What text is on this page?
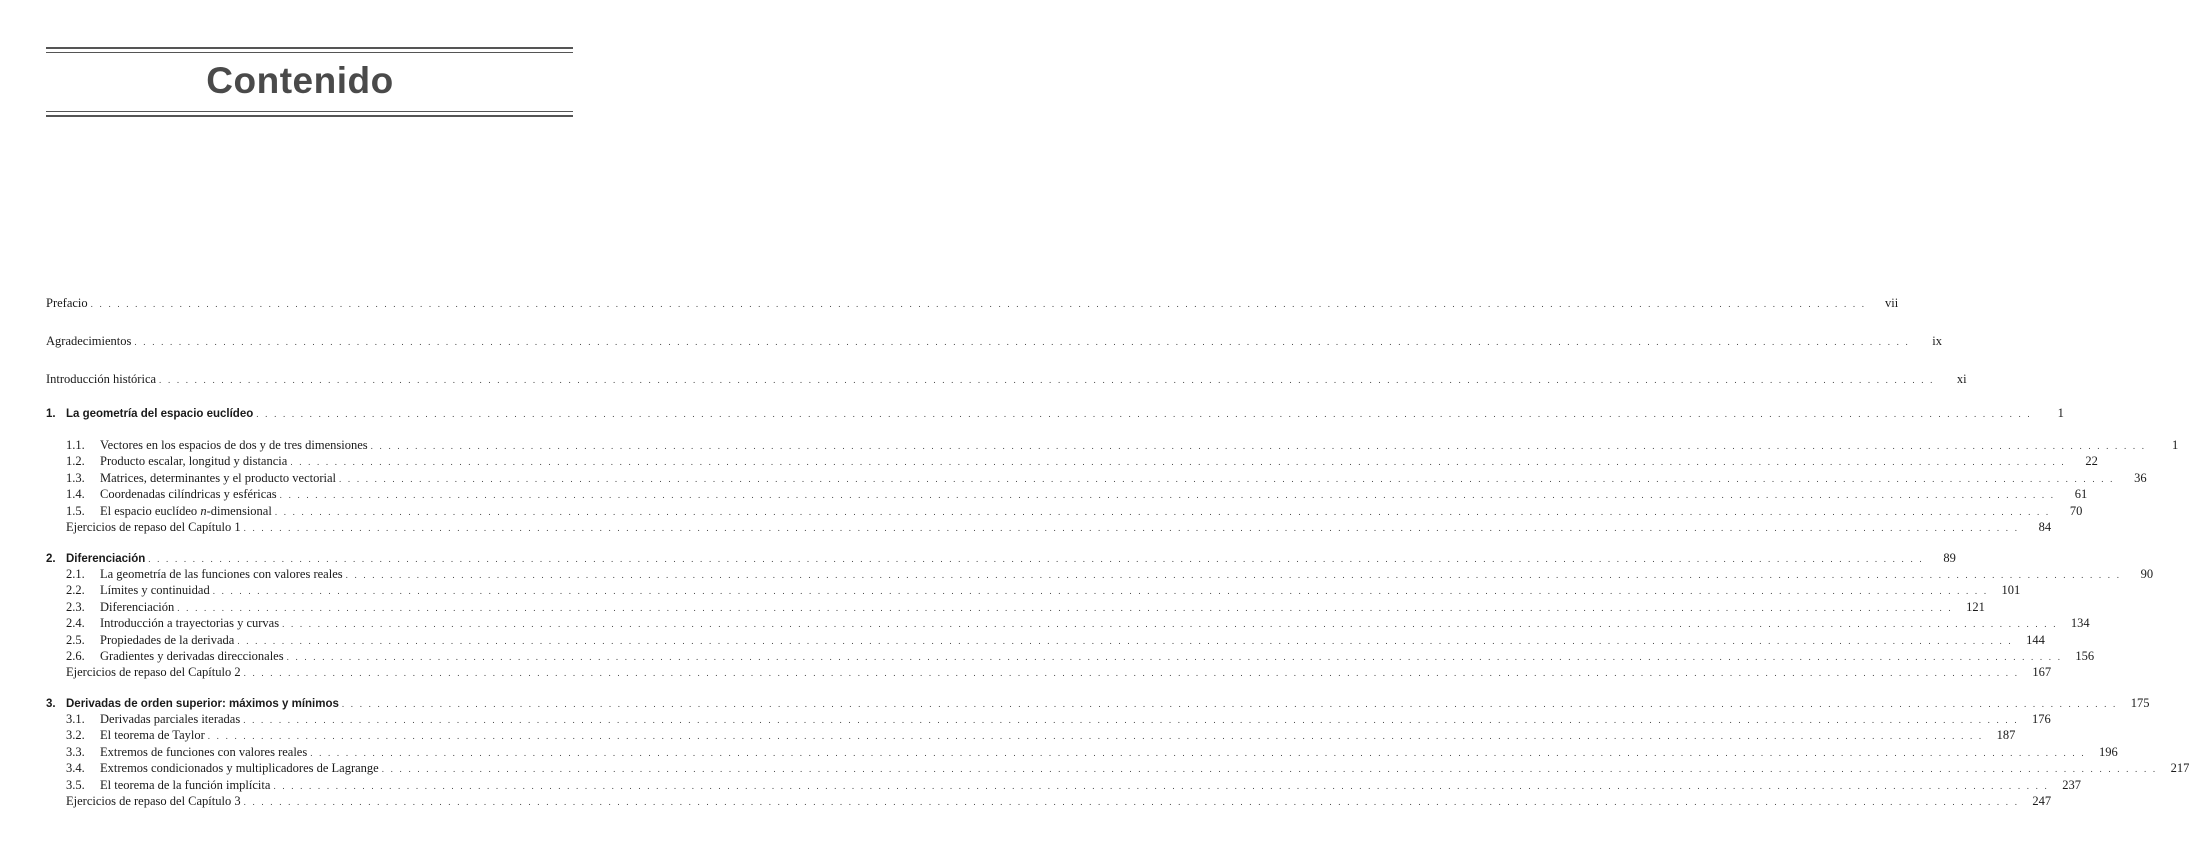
Contenido
Prefacio . . . . . . . . . . . . . . . . . . . . . . . . . . . . . . . . . . . . . . . . . . . . . . . . . . . . . . . . . . . . . . . . . . . . . . . . . . . . . . . . . . . . . . . . . . . . . . . . . . . . . . . . . . . . . . . . . . . . . . . . . . . . . . . . . . . . . . . . . . . . . . . . . . . . . . . . . . . . . . . . . . . . . . . . . . . . . . . . . . . . . . . . . . . . . . . . . . . . . . . .	vii
Agradecimientos . . . . . . . . . . . . . . . . . . . . . . . . . . . . . . . . . . . . . . . . . . . . . . . . . . . . . . . . . . . . . . . . . . . . . . . . . . . . . . . . . . . . . . . . . . . . . . . . . . . . . . . . . . . . . . . . . . . . . . . . . . . . . . . . . . . . . . . . . . . . . . . . . . . . . . . . . . . . . . . . . . . . . . . . . . . . . . . . . . . . . . . . . . . . . . . . . . . . . . . .	ix
Introducción histórica . . . . . . . . . . . . . . . . . . . . . . . . . . . . . . . . . . . . . . . . . . . . . . . . . . . . . . . . . . . . . . . . . . . . . . . . . . . . . . . . . . . . . . . . . . . . . . . . . . . . . . . . . . . . . . . . . . . . . . . . . . . . . . . . . . . . . . . . . . . . . . . . . . . . . . . . . . . . . . . . . . . . . . . . . . . . . . . . . . . . . . . . . . . . . . . . . . . . . . . .	xi
1. La geometría del espacio euclídeo . . . . . . . . . . . . . . . . . . . . . . . . . . . . . . . . . . . . . . . . . . . . . . . . . . . . . . . . . . . . . . . . . . . . . . . . . . . . . . . . . . . . . . . . . . . . . . . . . . . . . . . . . . . . . . . . . . . . . . . . . . . . . . . . . . . . . . . . . . . . . . . . . . . . . . . . . . . . . . . . . . . . . . . . . . . . . . . . . . . . . . . . . . . . . . . . . . . . . . . .	1
1.1. Vectores en los espacios de dos y de tres dimensiones . . . . . . . . . . . . . . . . . . . . . . . . . . . . . . . . . . . . . . . . . . . . . . . . . . . . . . . . . . . . . . . . . . . . . . . . . . . . . . . . . . . . . . . . . . . . . . . . . . . . . . . . . . . . . . . . . . . . . . . . . . . . . . . . . . . . . . . . . . . . . . . . . . . . . . . . . . . . . . . . . . . . . . . . . . . . . . . . . . . . . . . . . . . . . . . . . . . . . . . .	1
1.2. Producto escalar, longitud y distancia . . . . . . . . . . . . . . . . . . . . . . . . . . . . . . . . . . . . . . . . . . . . . . . . . . . . . . . . . . . . . . . . . . . . . . . . . . . . . . . . . . . . . . . . . . . . . . . . . . . . . . . . . . . . . . . . . . . . . . . . . . . . . . . . . . . . . . . . . . . . . . . . . . . . . . . . . . . . . . . . . . . . . . . . . . . . . . . . . . . . . . . . . . . . . . . . . . . . . . . .	22
1.3. Matrices, determinantes y el producto vectorial . . . . . . . . . . . . . . . . . . . . . . . . . . . . . . . . . . . . . . . . . . . . . . . . . . . . . . . . . . . . . . . . . . . . . . . . . . . . . . . . . . . . . . . . . . . . . . . . . . . . . . . . . . . . . . . . . . . . . . . . . . . . . . . . . . . . . . . . . . . . . . . . . . . . . . . . . . . . . . . . . . . . . . . . . . . . . . . . . . . . . . . . . . . . . . . . . . . . . . . .	36
1.4. Coordenadas cilíndricas y esféricas . . . . . . . . . . . . . . . . . . . . . . . . . . . . . . . . . . . . . . . . . . . . . . . . . . . . . . . . . . . . . . . . . . . . . . . . . . . . . . . . . . . . . . . . . . . . . . . . . . . . . . . . . . . . . . . . . . . . . . . . . . . . . . . . . . . . . . . . . . . . . . . . . . . . . . . . . . . . . . . . . . . . . . . . . . . . . . . . . . . . . . . . . . . . . . . . . . . . . . . .	61
1.5. El espacio euclídeo n-dimensional . . . . . . . . . . . . . . . . . . . . . . . . . . . . . . . . . . . . . . . . . . . . . . . . . . . . . . . . . . . . . . . . . . . . . . . . . . . . . . . . . . . . . . . . . . . . . . . . . . . . . . . . . . . . . . . . . . . . . . . . . . . . . . . . . . . . . . . . . . . . . . . . . . . . . . . . . . . . . . . . . . . . . . . . . . . . . . . . . . . . . . . . . . . . . . . . . . . . . . . .	70
Ejercicios de repaso del Capítulo 1 . . . . . . . . . . . . . . . . . . . . . . . . . . . . . . . . . . . . . . . . . . . . . . . . . . . . . . . . . . . . . . . . . . . . . . . . . . . . . . . . . . . . . . . . . . . . . . . . . . . . . . . . . . . . . . . . . . . . . . . . . . . . . . . . . . . . . . . . . . . . . . . . . . . . . . . . . . . . . . . . . . . . . . . . . . . . . . . . . . . . . . . . . . . . . . . . . . . . . . . .	84
2. Diferenciación . . . . . . . . . . . . . . . . . . . . . . . . . . . . . . . . . . . . . . . . . . . . . . . . . . . . . . . . . . . . . . . . . . . . . . . . . . . . . . . . . . . . . . . . . . . . . . . . . . . . . . . . . . . . . . . . . . . . . . . . . . . . . . . . . . . . . . . . . . . . . . . . . . . . . . . . . . . . . . . . . . . . . . . . . . . . . . . . . . . . . . . . . . . . . . . . . . . . . . . .	89
2.1. La geometría de las funciones con valores reales . . . . . . . . . . . . . . . . . . . . . . . . . . . . . . . . . . . . . . . . . . . . . . . . . . . . . . . . . . . . . . . . . . . . . . . . . . . . . . . . . . . . . . . . . . . . . . . . . . . . . . . . . . . . . . . . . . . . . . . . . . . . . . . . . . . . . . . . . . . . . . . . . . . . . . . . . . . . . . . . . . . . . . . . . . . . . . . . . . . . . . . . . . . . . . . . . . . . . . . .	90
2.2. Límites y continuidad . . . . . . . . . . . . . . . . . . . . . . . . . . . . . . . . . . . . . . . . . . . . . . . . . . . . . . . . . . . . . . . . . . . . . . . . . . . . . . . . . . . . . . . . . . . . . . . . . . . . . . . . . . . . . . . . . . . . . . . . . . . . . . . . . . . . . . . . . . . . . . . . . . . . . . . . . . . . . . . . . . . . . . . . . . . . . . . . . . . . . . . . . . . . . . . . . . . . . . . .	101
2.3. Diferenciación . . . . . . . . . . . . . . . . . . . . . . . . . . . . . . . . . . . . . . . . . . . . . . . . . . . . . . . . . . . . . . . . . . . . . . . . . . . . . . . . . . . . . . . . . . . . . . . . . . . . . . . . . . . . . . . . . . . . . . . . . . . . . . . . . . . . . . . . . . . . . . . . . . . . . . . . . . . . . . . . . . . . . . . . . . . . . . . . . . . . . . . . . . . . . . . . . . . . . . . .	121
2.4. Introducción a trayectorias y curvas . . . . . . . . . . . . . . . . . . . . . . . . . . . . . . . . . . . . . . . . . . . . . . . . . . . . . . . . . . . . . . . . . . . . . . . . . . . . . . . . . . . . . . . . . . . . . . . . . . . . . . . . . . . . . . . . . . . . . . . . . . . . . . . . . . . . . . . . . . . . . . . . . . . . . . . . . . . . . . . . . . . . . . . . . . . . . . . . . . . . . . . . . . . . . . . . . . . . . . . .	134
2.5. Propiedades de la derivada . . . . . . . . . . . . . . . . . . . . . . . . . . . . . . . . . . . . . . . . . . . . . . . . . . . . . . . . . . . . . . . . . . . . . . . . . . . . . . . . . . . . . . . . . . . . . . . . . . . . . . . . . . . . . . . . . . . . . . . . . . . . . . . . . . . . . . . . . . . . . . . . . . . . . . . . . . . . . . . . . . . . . . . . . . . . . . . . . . . . . . . . . . . . . . . . . . . . . . . .	144
2.6. Gradientes y derivadas direccionales . . . . . . . . . . . . . . . . . . . . . . . . . . . . . . . . . . . . . . . . . . . . . . . . . . . . . . . . . . . . . . . . . . . . . . . . . . . . . . . . . . . . . . . . . . . . . . . . . . . . . . . . . . . . . . . . . . . . . . . . . . . . . . . . . . . . . . . . . . . . . . . . . . . . . . . . . . . . . . . . . . . . . . . . . . . . . . . . . . . . . . . . . . . . . . . . . . . . . . . .	156
Ejercicios de repaso del Capítulo 2 . . . . . . . . . . . . . . . . . . . . . . . . . . . . . . . . . . . . . . . . . . . . . . . . . . . . . . . . . . . . . . . . . . . . . . . . . . . . . . . . . . . . . . . . . . . . . . . . . . . . . . . . . . . . . . . . . . . . . . . . . . . . . . . . . . . . . . . . . . . . . . . . . . . . . . . . . . . . . . . . . . . . . . . . . . . . . . . . . . . . . . . . . . . . . . . . . . . . . . . .	167
3. Derivadas de orden superior: máximos y mínimos . . . . . . . . . . . . . . . . . . . . . . . . . . . . . . . . . . . . . . . . . . . . . . . . . . . . . . . . . . . . . . . . . . . . . . . . . . . . . . . . . . . . . . . . . . . . . . . . . . . . . . . . . . . . . . . . . . . . . . . . . . . . . . . . . . . . . . . . . . . . . . . . . . . . . . . . . . . . . . . . . . . . . . . . . . . . . . . . . . . . . . . . . . . . . . . . . . . . . . . .	175
3.1. Derivadas parciales iteradas . . . . . . . . . . . . . . . . . . . . . . . . . . . . . . . . . . . . . . . . . . . . . . . . . . . . . . . . . . . . . . . . . . . . . . . . . . . . . . . . . . . . . . . . . . . . . . . . . . . . . . . . . . . . . . . . . . . . . . . . . . . . . . . . . . . . . . . . . . . . . . . . . . . . . . . . . . . . . . . . . . . . . . . . . . . . . . . . . . . . . . . . . . . . . . . . . . . . . . . .	176
3.2. El teorema de Taylor . . . . . . . . . . . . . . . . . . . . . . . . . . . . . . . . . . . . . . . . . . . . . . . . . . . . . . . . . . . . . . . . . . . . . . . . . . . . . . . . . . . . . . . . . . . . . . . . . . . . . . . . . . . . . . . . . . . . . . . . . . . . . . . . . . . . . . . . . . . . . . . . . . . . . . . . . . . . . . . . . . . . . . . . . . . . . . . . . . . . . . . . . . . . . . . . . . . . . . . .	187
3.3. Extremos de funciones con valores reales . . . . . . . . . . . . . . . . . . . . . . . . . . . . . . . . . . . . . . . . . . . . . . . . . . . . . . . . . . . . . . . . . . . . . . . . . . . . . . . . . . . . . . . . . . . . . . . . . . . . . . . . . . . . . . . . . . . . . . . . . . . . . . . . . . . . . . . . . . . . . . . . . . . . . . . . . . . . . . . . . . . . . . . . . . . . . . . . . . . . . . . . . . . . . . . . . . . . . . . .	196
3.4. Extremos condicionados y multiplicadores de Lagrange . . . . . . . . . . . . . . . . . . . . . . . . . . . . . . . . . . . . . . . . . . . . . . . . . . . . . . . . . . . . . . . . . . . . . . . . . . . . . . . . . . . . . . . . . . . . . . . . . . . . . . . . . . . . . . . . . . . . . . . . . . . . . . . . . . . . . . . . . . . . . . . . . . . . . . . . . . . . . . . . . . . . . . . . . . . . . . . . . . . . . . . . . . . . . . . . . . . . . . . .	217
3.5. El teorema de la función implícita . . . . . . . . . . . . . . . . . . . . . . . . . . . . . . . . . . . . . . . . . . . . . . . . . . . . . . . . . . . . . . . . . . . . . . . . . . . . . . . . . . . . . . . . . . . . . . . . . . . . . . . . . . . . . . . . . . . . . . . . . . . . . . . . . . . . . . . . . . . . . . . . . . . . . . . . . . . . . . . . . . . . . . . . . . . . . . . . . . . . . . . . . . . . . . . . . . . . . . . .	237
Ejercicios de repaso del Capítulo 3 . . . . . . . . . . . . . . . . . . . . . . . . . . . . . . . . . . . . . . . . . . . . . . . . . . . . . . . . . . . . . . . . . . . . . . . . . . . . . . . . . . . . . . . . . . . . . . . . . . . . . . . . . . . . . . . . . . . . . . . . . . . . . . . . . . . . . . . . . . . . . . . . . . . . . . . . . . . . . . . . . . . . . . . . . . . . . . . . . . . . . . . . . . . . . . . . . . . . . . . .	247
